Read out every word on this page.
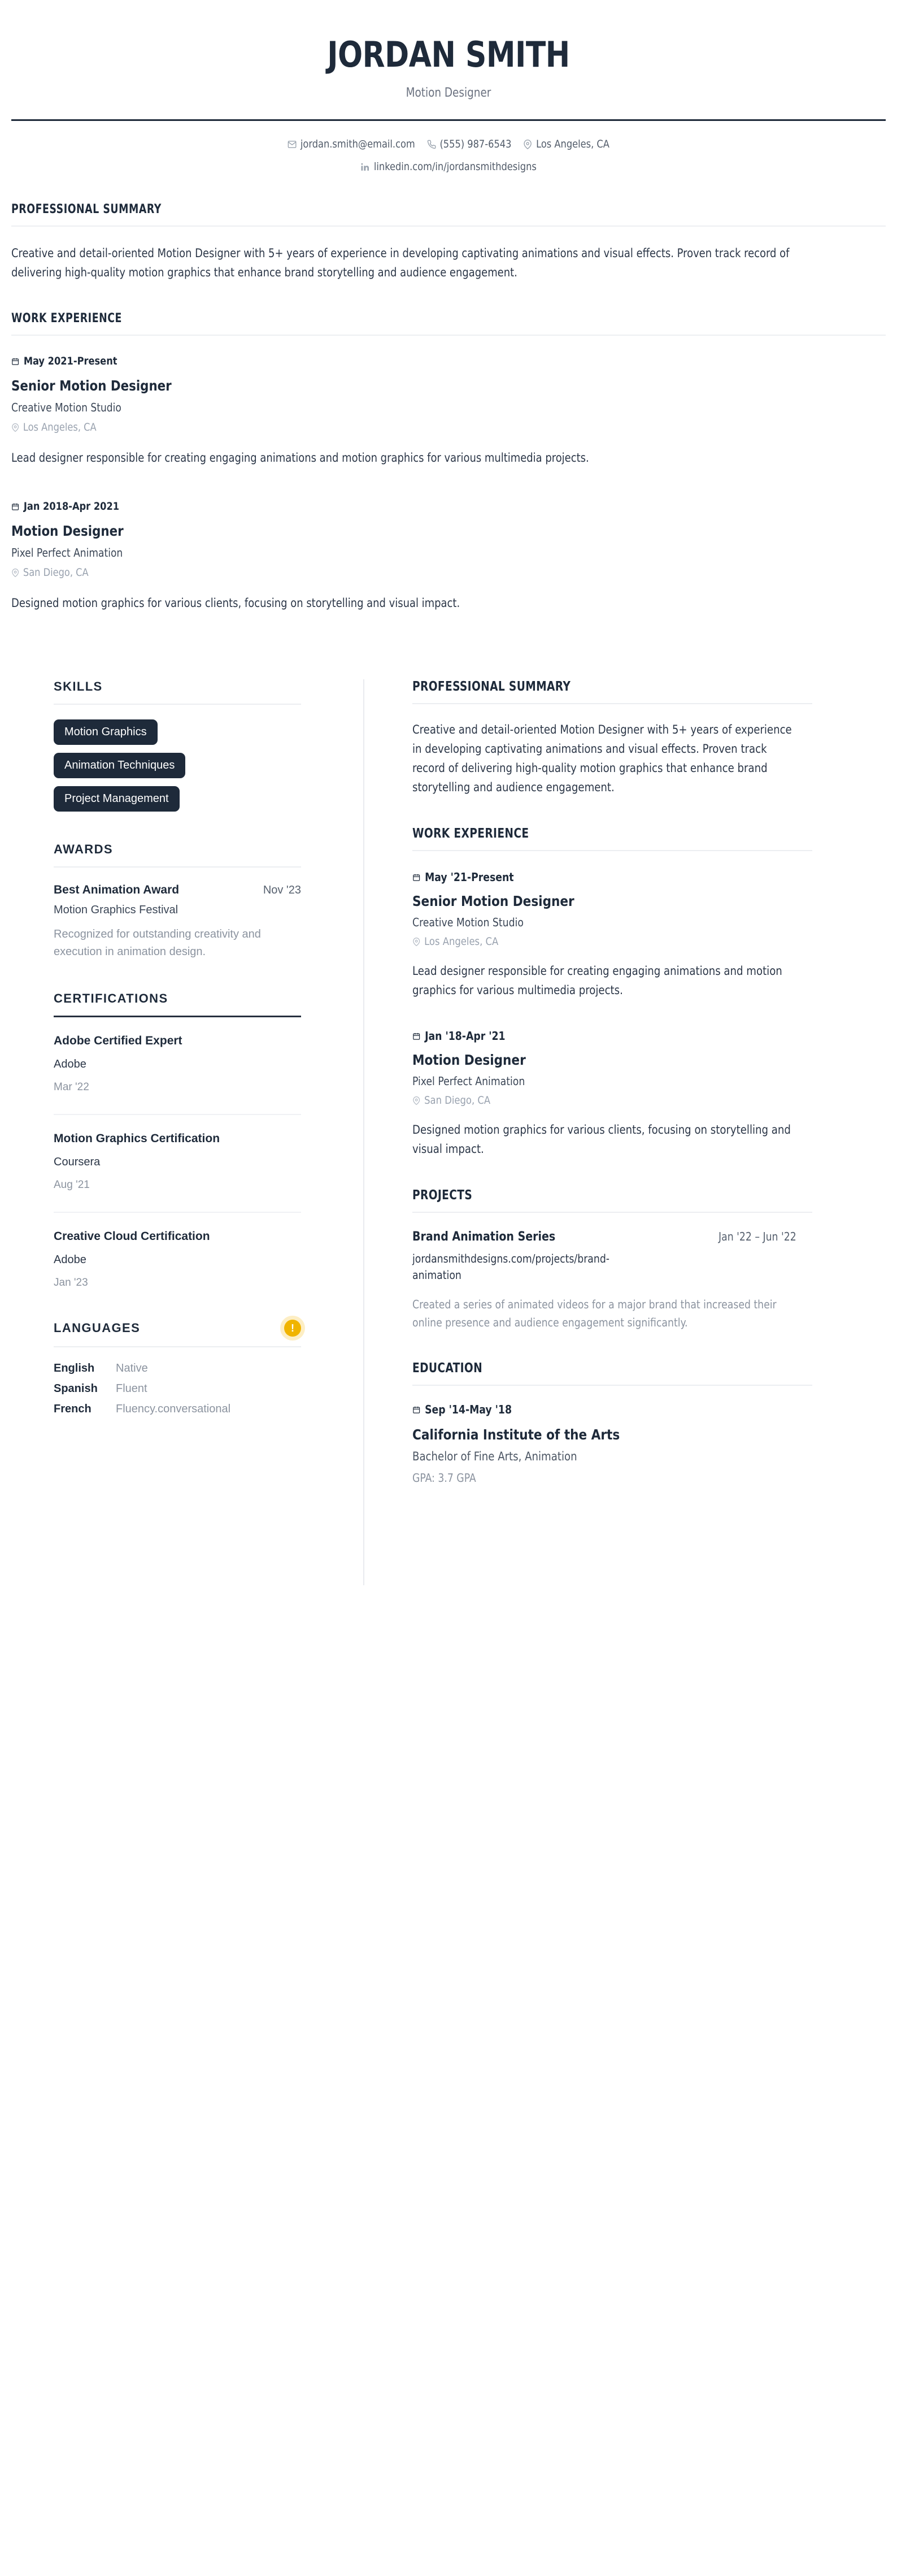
JORDAN SMITH
Motion Designer
jordan.smith@email.com (555) 987-6543 Los Angeles, CA
linkedin.com/in/jordansmithdesigns
PROFESSIONAL SUMMARY
Creative and detail-oriented Motion Designer with 5+ years of experience in developing captivating animations and visual effects. Proven track record of delivering high-quality motion graphics that enhance brand storytelling and audience engagement.
WORK EXPERIENCE
May 2021-Present
Senior Motion Designer
Creative Motion Studio
Los Angeles, CA
Lead designer responsible for creating engaging animations and motion graphics for various multimedia projects.
Jan 2018-Apr 2021
Motion Designer
Pixel Perfect Animation
San Diego, CA
Designed motion graphics for various clients, focusing on storytelling and visual impact.
SKILLS
Motion Graphics
Animation Techniques
Project Management
AWARDS
Best Animation Award	Nov '23
Motion Graphics Festival
Recognized for outstanding creativity and execution in animation design.
CERTIFICATIONS
Adobe Certified Expert
Adobe
Mar '22
Motion Graphics Certification
Coursera
Aug '21
Creative Cloud Certification
Adobe
Jan '23
LANGUAGES	!
English	Native
Spanish	Fluent
French	Fluency.conversational
PROFESSIONAL SUMMARY
Creative and detail-oriented Motion Designer with 5+ years of experience in developing captivating animations and visual effects. Proven track record of delivering high-quality motion graphics that enhance brand storytelling and audience engagement.
WORK EXPERIENCE
May '21-Present
Senior Motion Designer
Creative Motion Studio
Los Angeles, CA
Lead designer responsible for creating engaging animations and motion graphics for various multimedia projects.
Jan '18-Apr '21
Motion Designer
Pixel Perfect Animation
San Diego, CA
Designed motion graphics for various clients, focusing on storytelling and visual impact.
PROJECTS
Brand Animation Series	Jan '22 – Jun '22
jordansmithdesigns.com/projects/brand-animation
Created a series of animated videos for a major brand that increased their online presence and audience engagement significantly.
EDUCATION
Sep '14-May '18
California Institute of the Arts
Bachelor of Fine Arts, Animation
GPA: 3.7 GPA
